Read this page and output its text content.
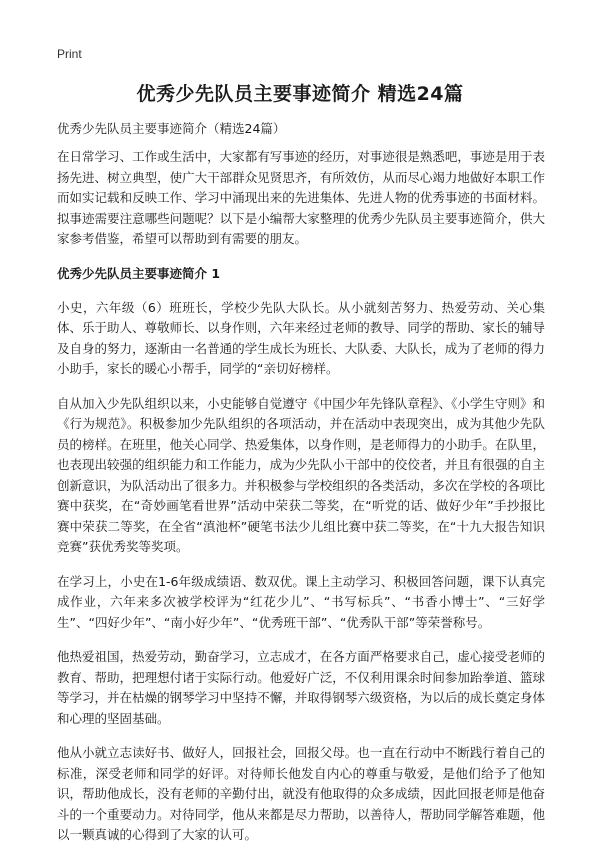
Print

优秀少先队员主要事迹简介 精选24篇

优秀少先队员主要事迹简介（精选24篇）

在日常学习、工作或生活中，大家都有写事迹的经历，对事迹很是熟悉吧，事迹是用于表扬先进、树立典型，使广大干部群众见贤思齐，有所效仿，从而尽心竭力地做好本职工作而如实记载和反映工作、学习中涌现出来的先进集体、先进人物的优秀事迹的书面材料。拟事迹需要注意哪些问题呢？以下是小编帮大家整理的优秀少先队员主要事迹简介，供大家参考借鉴，希望可以帮助到有需要的朋友。

优秀少先队员主要事迹简介 1

小史，六年级（6）班班长，学校少先队大队长。从小就刻苦努力、热爱劳动、关心集体、乐于助人、尊敬师长、以身作则，六年来经过老师的教导、同学的帮助、家长的辅导及自身的努力，逐渐由一名普通的学生成长为班长、大队委、大队长，成为了老师的得力小助手，家长的暖心小帮手，同学的“亲切好榜样。

自从加入少先队组织以来，小史能够自觉遵守《中国少年先锋队章程》、《小学生守则》和《行为规范》。积极参加少先队组织的各项活动，并在活动中表现突出，成为其他少先队员的榜样。在班里，他关心同学、热爱集体，以身作则，是老师得力的小助手。在队里，也表现出较强的组织能力和工作能力，成为少先队小干部中的佼佼者，并且有很强的自主创新意识，为队活动出了很多力。并积极参与学校组织的各类活动，多次在学校的各项比赛中获奖，在“奇妙画笔看世界”活动中荣获二等奖，在“听党的话、做好少年”手抄报比赛中荣获二等奖，在全省“滇池杯”硬笔书法少儿组比赛中获二等奖，在“十九大报告知识竞赛”获优秀奖等奖项。

在学习上，小史在1-6年级成绩语、数双优。课上主动学习、积极回答问题，课下认真完成作业，六年来多次被学校评为“红花少儿”、“书写标兵”、“书香小博士”、“三好学生”、“四好少年”、“南小好少年”、“优秀班干部”、“优秀队干部”等荣誉称号。

他热爱祖国，热爱劳动，勤奋学习，立志成才，在各方面严格要求自己，虚心接受老师的教育、帮助，把理想付诸于实际行动。他爱好广泛，不仅利用课余时间参加跆拳道、篮球等学习，并在枯燥的钢琴学习中坚持不懈，并取得钢琴六级资格，为以后的成长奠定身体和心理的坚固基础。

他从小就立志读好书、做好人，回报社会，回报父母。也一直在行动中不断践行着自己的标准，深受老师和同学的好评。对待师长他发自内心的尊重与敬爱，是他们给予了他知识，帮助他成长，没有老师的辛勤付出，就没有他取得的众多成绩，因此回报老师是他奋斗的一个重要动力。对待同学，他从来都是尽力帮助，以善待人，帮助同学解答难题，他以一颗真诚的心得到了大家的认可。
